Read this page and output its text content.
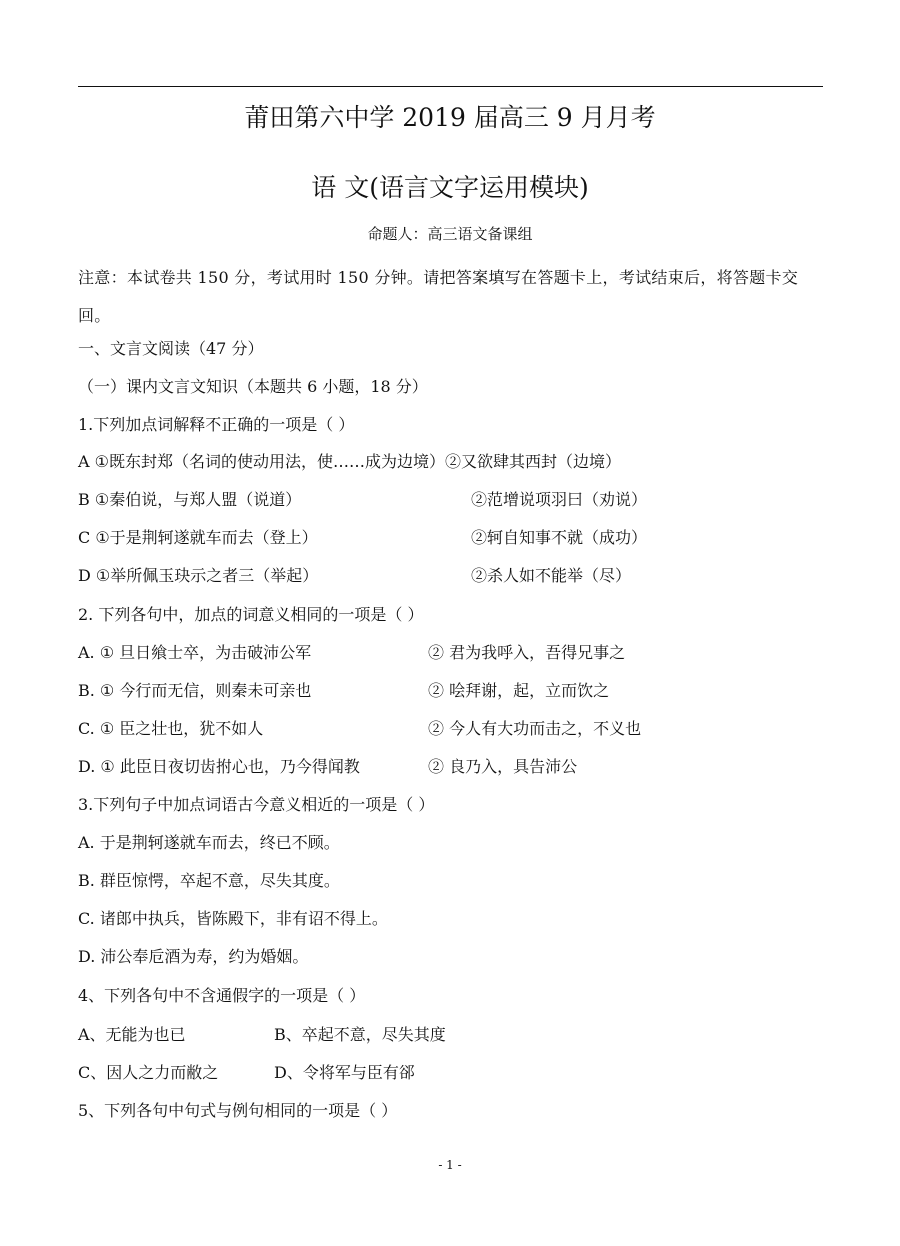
莆田第六中学 2019 届高三 9 月月考
语 文(语言文字运用模块)
命题人：高三语文备课组
注意：本试卷共 150 分，考试用时 150 分钟。请把答案填写在答题卡上，考试结束后，将答题卡交回。
一、文言文阅读（47 分）
（一）课内文言文知识（本题共 6 小题，18 分）
1.下列加点词解释不正确的一项是（ ）
A ①既东封郑（名词的使动用法，使……成为边境）②又欲肆其西封（边境）
B ①秦伯说，与郑人盟（说道）	②范增说项羽曰（劝说）
C ①于是荆轲遂就车而去（登上）	②轲自知事不就（成功）
D ①举所佩玉玦示之者三（举起）	②杀人如不能举（尽）
2. 下列各句中，加点的词意义相同的一项是（ ）
A. ① 旦日飨士卒，为击破沛公军	② 君为我呼入，吾得兄事之
B. ① 今行而无信，则秦未可亲也	② 哙拜谢，起，立而饮之
C. ① 臣之壮也，犹不如人	② 今人有大功而击之，不义也
D. ① 此臣日夜切齿拊心也，乃今得闻教	② 良乃入，具告沛公
3.下列句子中加点词语古今意义相近的一项是（ ）
A. 于是荆轲遂就车而去，终已不顾。
B. 群臣惊愕，卒起不意，尽失其度。
C. 诸郎中执兵，皆陈殿下，非有诏不得上。
D. 沛公奉卮酒为寿，约为婚姻。
4、下列各句中不含通假字的一项是（ ）
A、无能为也已	B、卒起不意，尽失其度
C、因人之力而敝之	D、令将军与臣有郤
5、下列各句中句式与例句相同的一项是（ ）
- 1 -
